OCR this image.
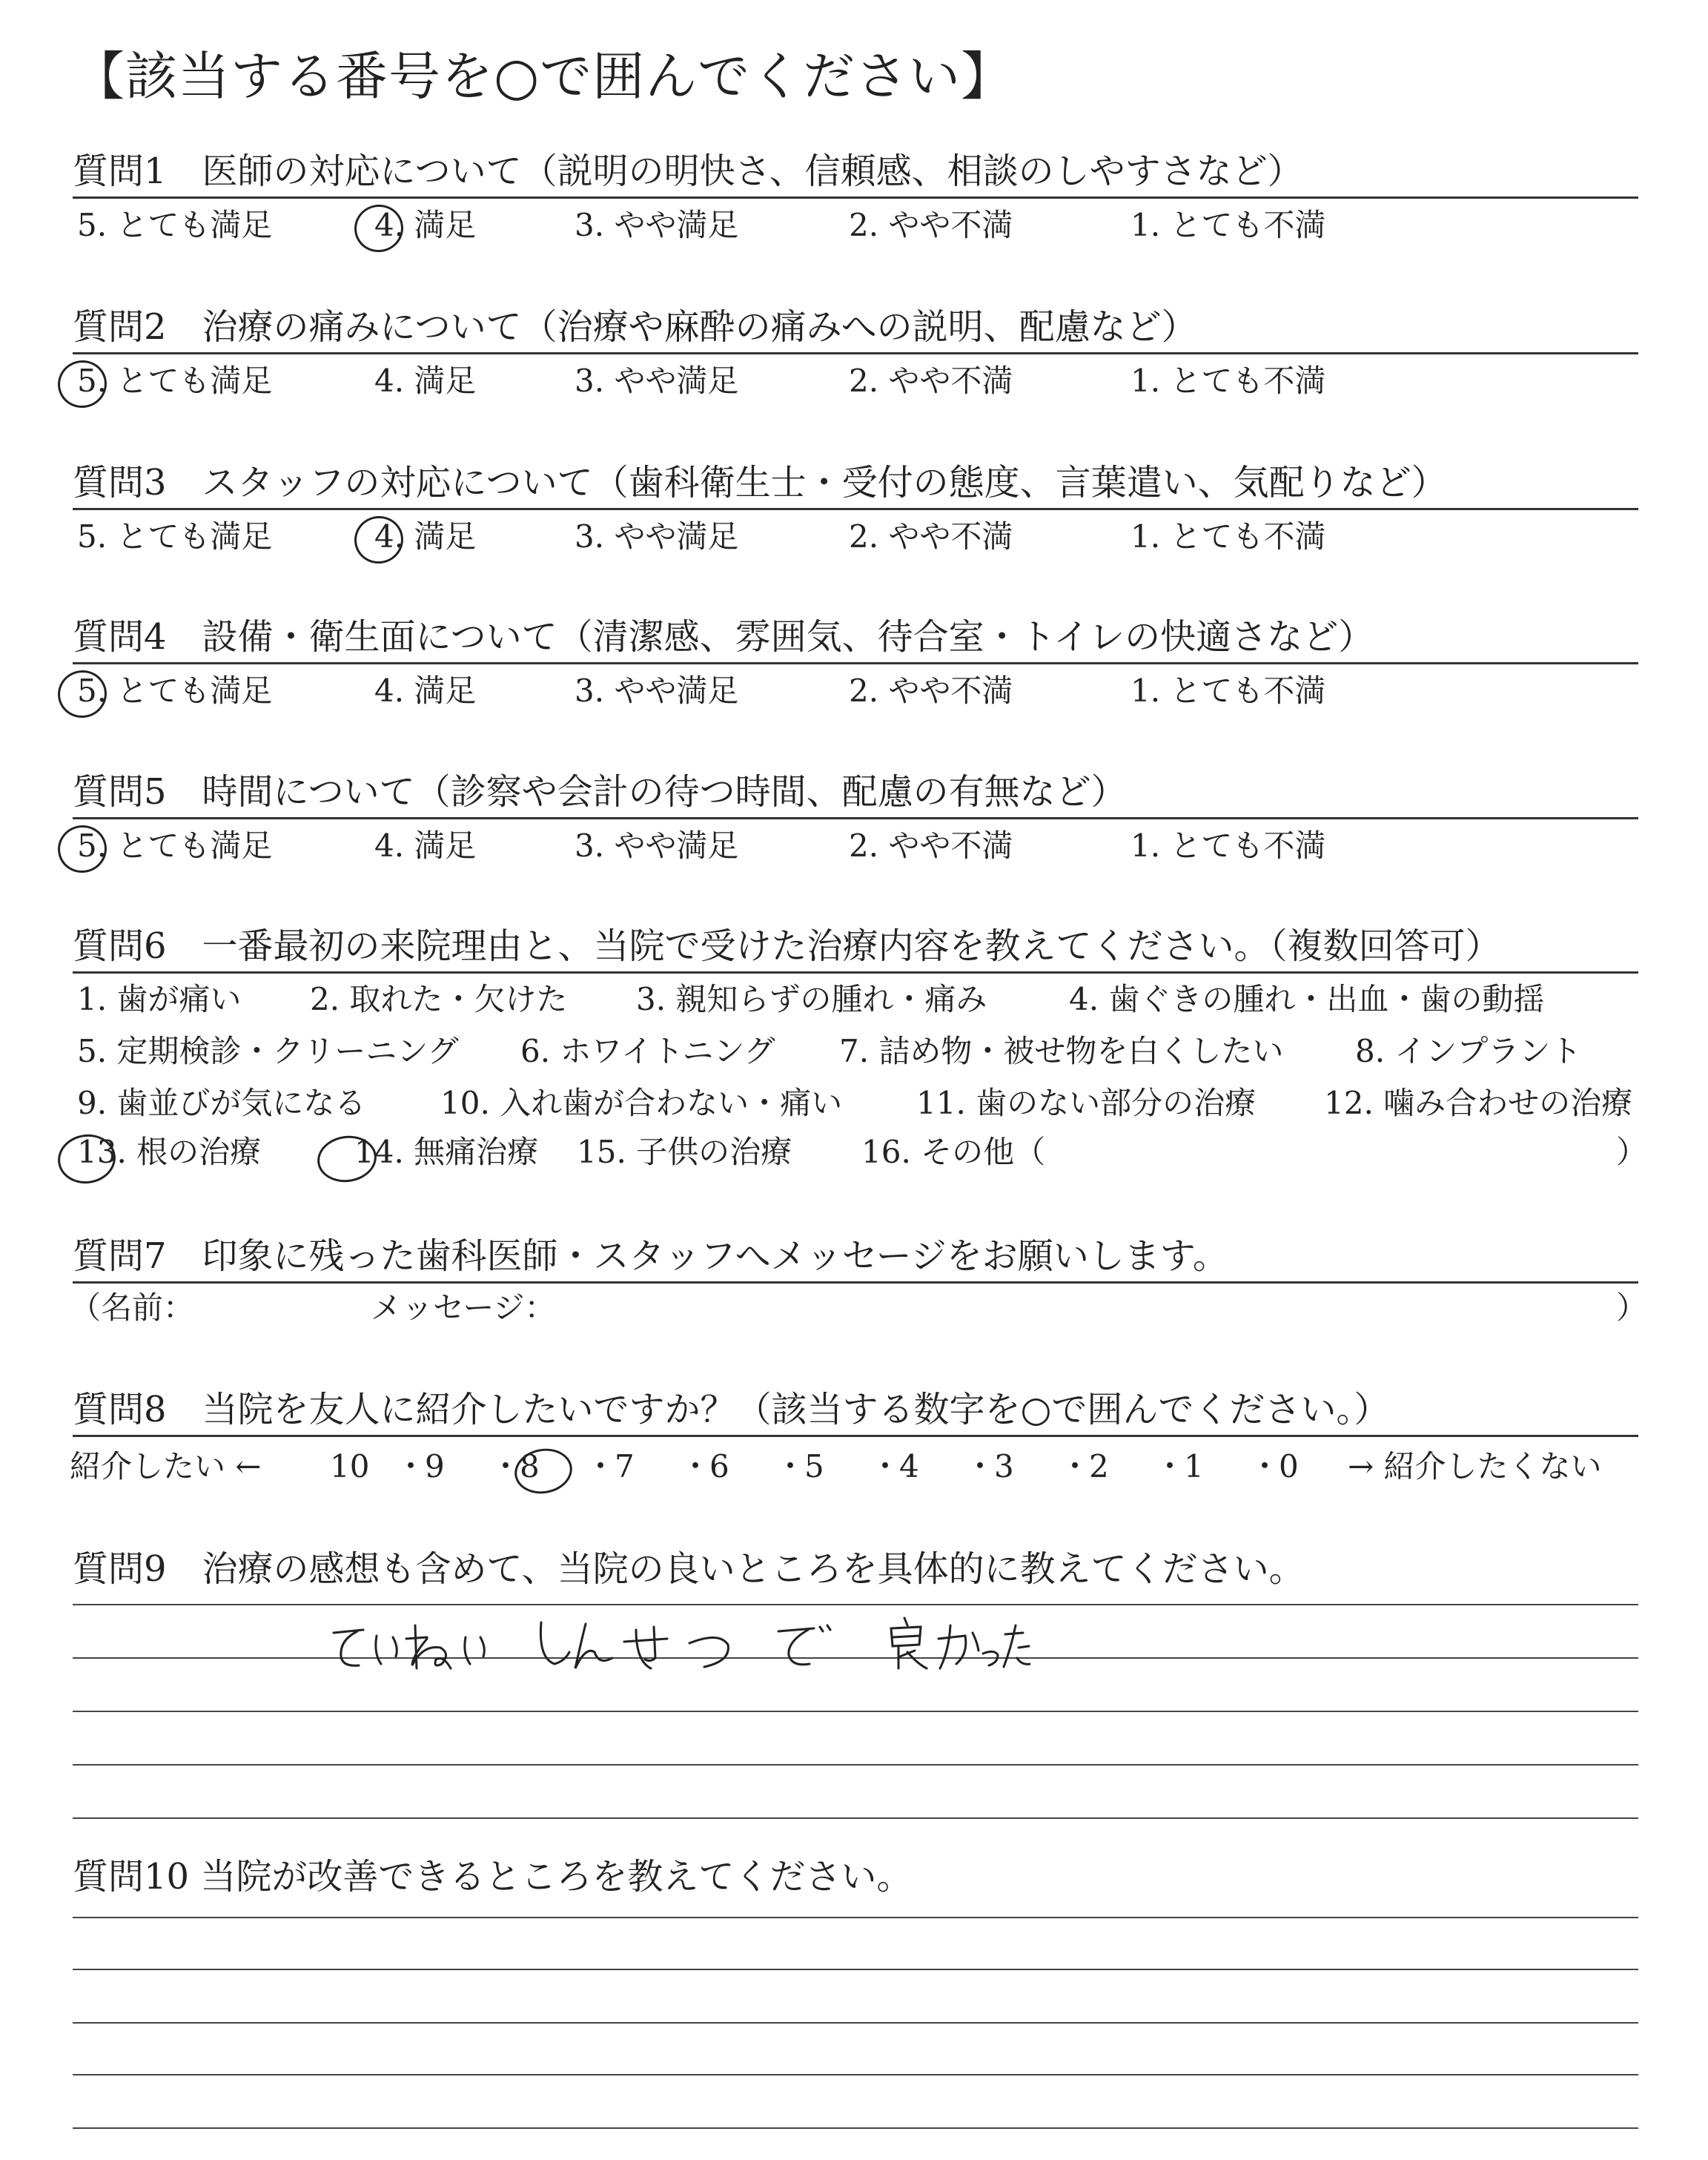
【該当する番号を○で囲んでください】
質問1　医師の対応について（説明の明快さ、信頼感、相談のしやすさなど）
5. とても満足	4. 満足	3. やや満足	2. やや不満	1. とても不満
質問2　治療の痛みについて（治療や麻酔の痛みへの説明、配慮など）
5. とても満足	4. 満足	3. やや満足	2. やや不満	1. とても不満
質問3　スタッフの対応について（歯科衛生士・受付の態度、言葉遣い、気配りなど）
5. とても満足	4. 満足	3. やや満足	2. やや不満	1. とても不満
質問4　設備・衛生面について（清潔感、雰囲気、待合室・トイレの快適さなど）
5. とても満足	4. 満足	3. やや満足	2. やや不満	1. とても不満
質問5　時間について（診察や会計の待つ時間、配慮の有無など）
5. とても満足	4. 満足	3. やや満足	2. やや不満	1. とても不満
質問6　一番最初の来院理由と、当院で受けた治療内容を教えてください。（複数回答可）
1. 歯が痛い 2. 取れた・欠けた 3. 親知らずの腫れ・痛み	4. 歯ぐきの腫れ・出血・歯の動揺
5. 定期検診・クリーニング 6. ホワイトニング 7. 詰め物・被せ物を白くしたい 8. インプラント
9. 歯並びが気になる 10. 入れ歯が合わない・痛い 11. 歯のない部分の治療 12. 噛み合わせの治療
13. 根の治療	14. 無痛治療 15. 子供の治療 16. その他（	）
質問7　印象に残った歯科医師・スタッフへメッセージをお願いします。
（名前：	メッセージ：	）
質問8　当院を友人に紹介したいですか？（該当する数字を○で囲んでください。）
紹介したい ← 10 ・
9 ・
8 ・
7 ・
6 ・
5 ・
4 ・
3 ・
2 ・
1 ・
0 → 紹介したくない
質問9　治療の感想も含めて、当院の良いところを具体的に教えてください。
質問10 当院が改善できるところを教えてください。
